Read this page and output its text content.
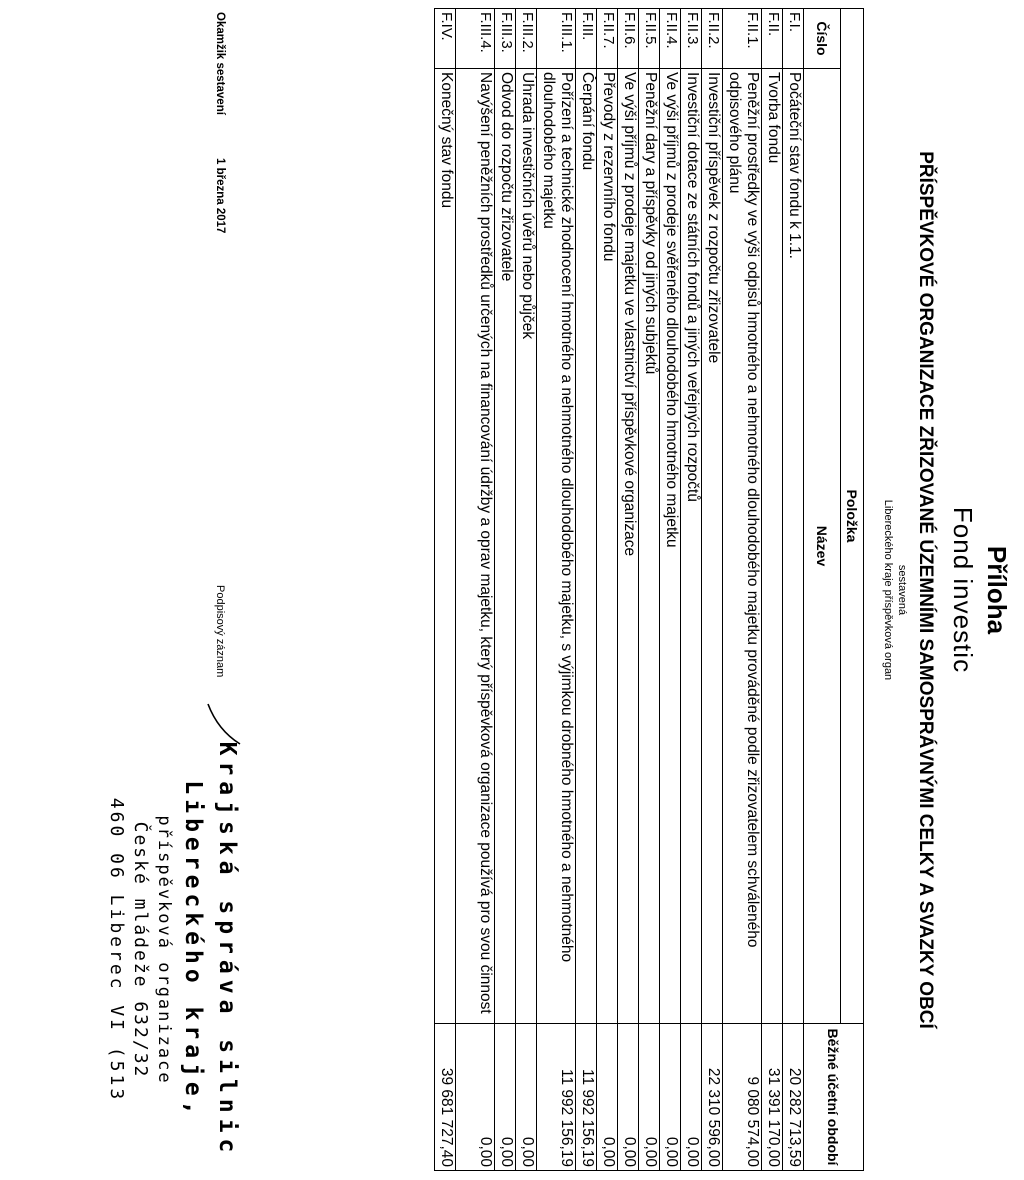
Příloha
Fond investic
PŘÍSPĚVKOVÉ ORGANIZACE ZŘIZOVANÉ ÚZEMNÍMI SAMOSPRÁVNÝMI CELKY A SVAZKY OBCÍ
sestavená
Libereckého kraje příspěvková organ
Položka		Běžné účetní období
Číslo	Název	
F.I.	Počáteční stav fondu k 1.1.	20 282 713,59
F.II.	Tvorba fondu	31 391 170,00
F.II.1.	Peněžní prostředky ve výši odpisů hmotného a nehmotného dlouhodobého majetku prováděné podle zřizovatelem schváleného odpisového plánu	9 080 574,00
F.II.2.	Investiční příspěvek z rozpočtu zřizovatele	22 310 596,00
F.II.3.	Investiční dotace ze státních fondů a jiných veřejných rozpočtů	0,00
F.II.4.	Ve výši příjmů z prodeje svěřeného dlouhodobého hmotného majetku	0,00
F.II.5.	Peněžní dary a příspěvky od jiných subjektů	0,00
F.II.6.	Ve výši příjmů z prodeje majetku ve vlastnictví příspěvkové organizace	0,00
F.II.7.	Převody z rezervního fondu	0,00
F.III.	Čerpání fondu	11 992 156,19
F.III.1.	Pořízení a technické zhodnocení hmotného a nehmotného dlouhodobého majetku, s výjimkou drobného hmotného a nehmotného dlouhodobého majetku	11 992 156,19
F.III.2.	Úhrada investičních úvěrů nebo půjček	0,00
F.III.3.	Odvod do rozpočtu zřizovatele	0,00
F.III.4.	Navýšení peněžních prostředků určených na financování údržby a oprav majetku, který příspěvková organizace používá pro svou činnost	0,00
F.IV.	Konečný stav fondu	39 681 727,40
Okamžik sestavení
1 března 2017
Podpisový záznam
Krajská správa silnic
Libereckého kraje,
příspěvková organizace
České mládeže 632/32
460 06 Liberec VI (513
